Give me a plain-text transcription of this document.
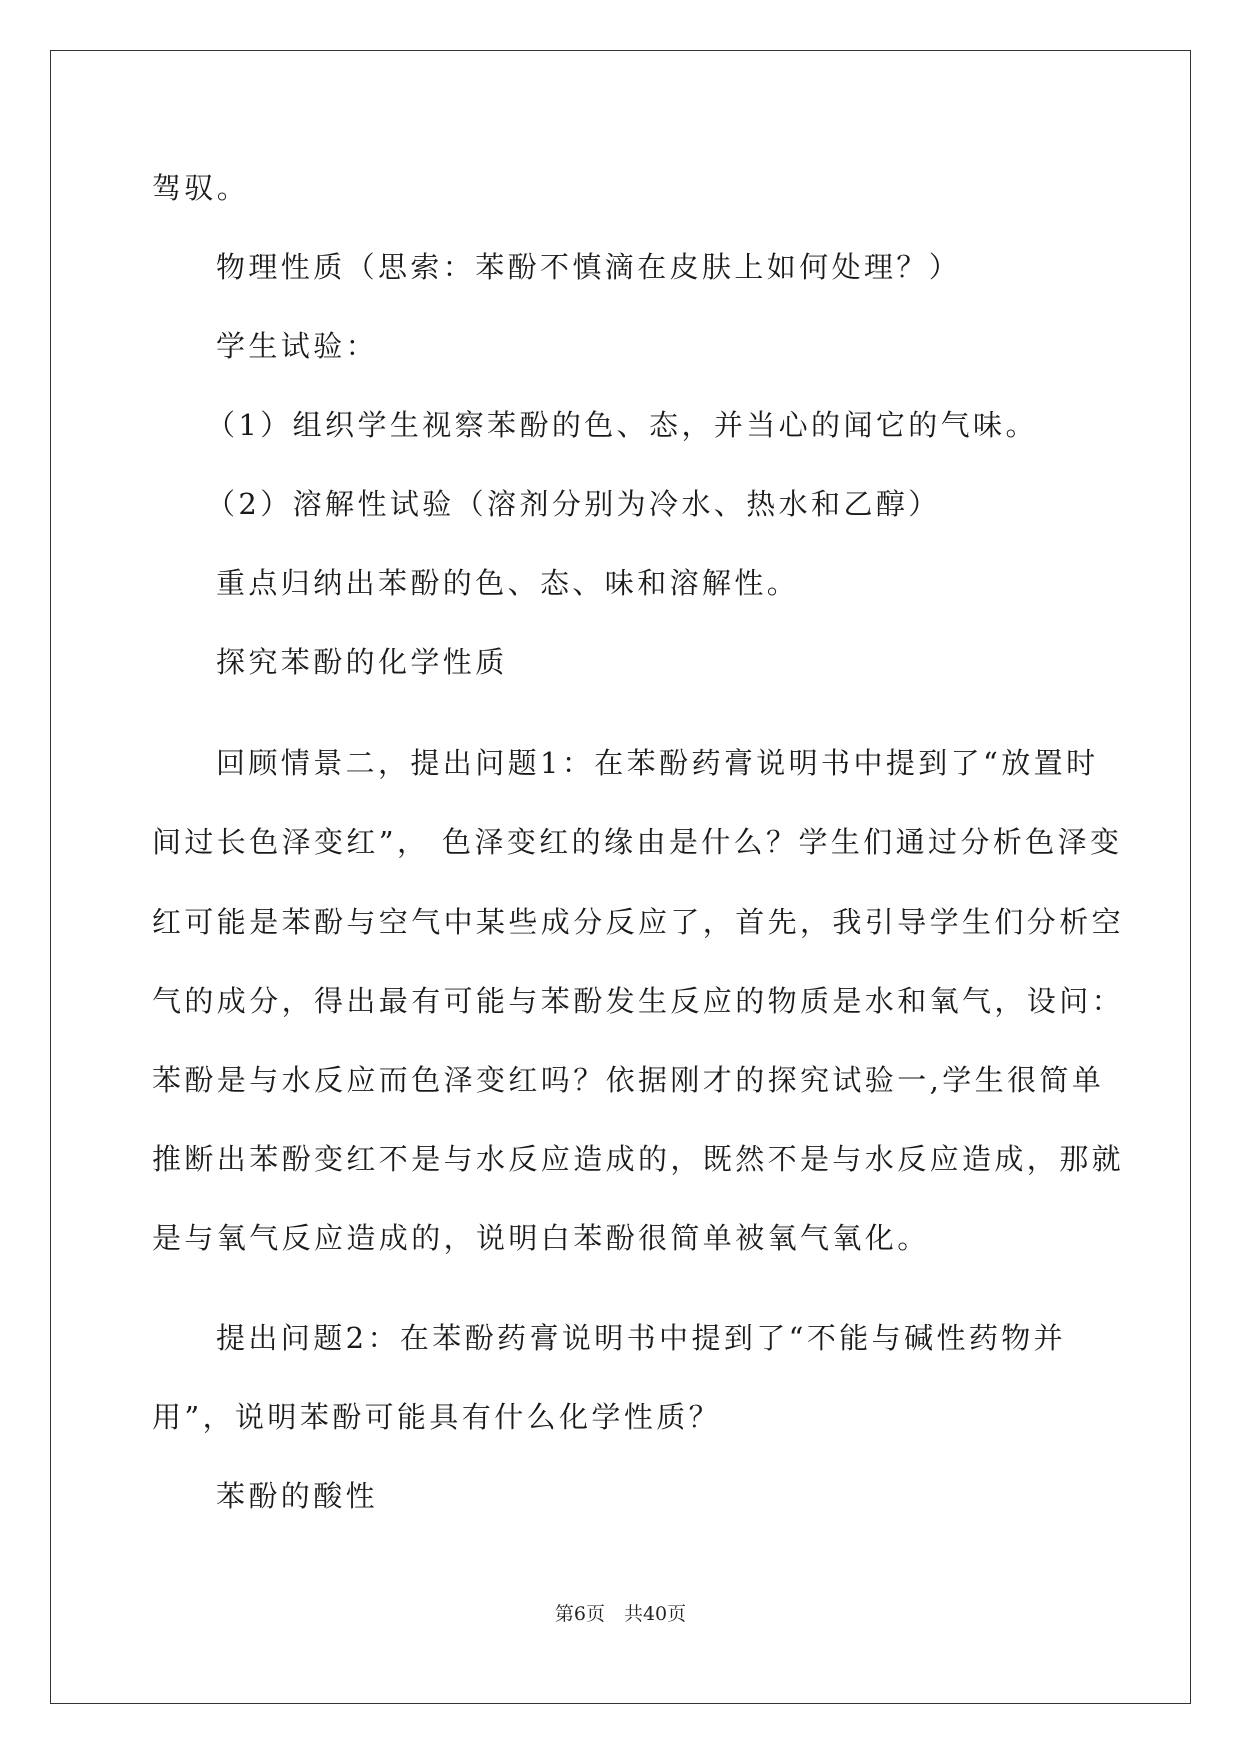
驾驭。
物理性质（思索：苯酚不慎滴在皮肤上如何处理？）
学生试验：
（1）组织学生视察苯酚的色、态，并当心的闻它的气味。
（2）溶解性试验（溶剂分别为冷水、热水和乙醇）
重点归纳出苯酚的色、态、味和溶解性。
探究苯酚的化学性质
回顾情景二，提出问题1：在苯酚药膏说明书中提到了“放置时
间过长色泽变红”， 色泽变红的缘由是什么？学生们通过分析色泽变
红可能是苯酚与空气中某些成分反应了，首先，我引导学生们分析空
气的成分，得出最有可能与苯酚发生反应的物质是水和氧气，设问：
苯酚是与水反应而色泽变红吗？依据刚才的探究试验一,学生很简单
推断出苯酚变红不是与水反应造成的，既然不是与水反应造成，那就
是与氧气反应造成的，说明白苯酚很简单被氧气氧化。
提出问题2：在苯酚药膏说明书中提到了“不能与碱性药物并
用”，说明苯酚可能具有什么化学性质？
苯酚的酸性
第6页　共40页
